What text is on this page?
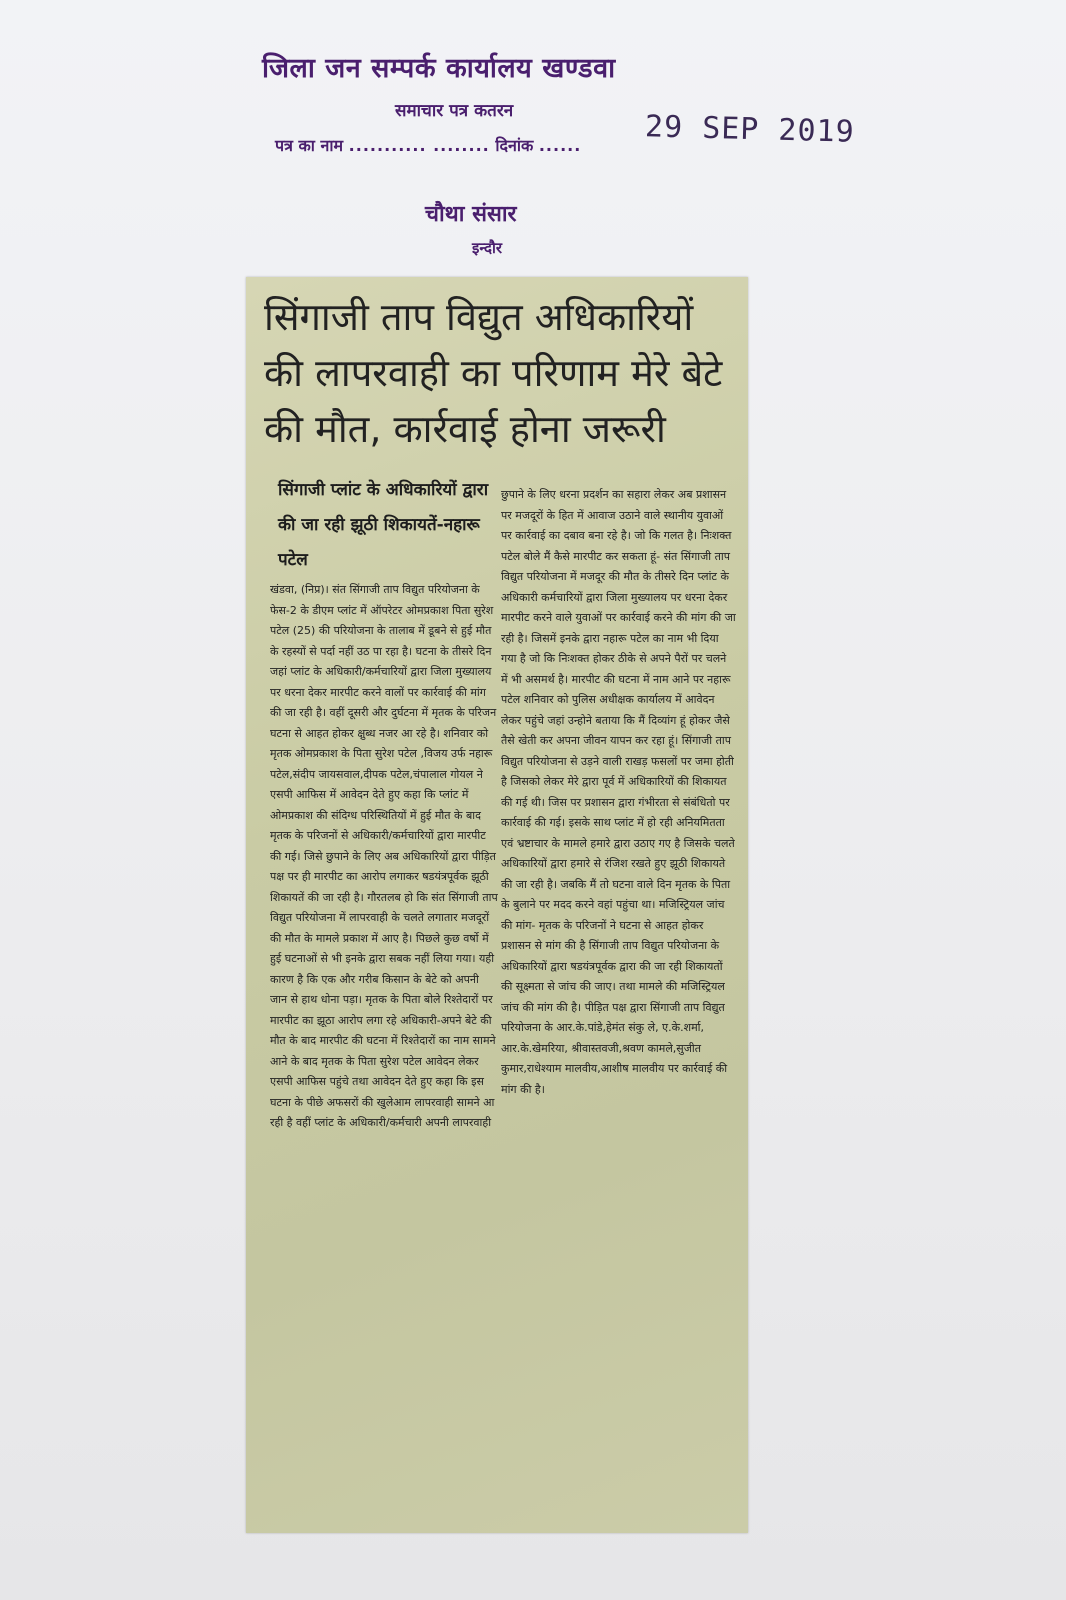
जिला जन सम्पर्क कार्यालय खण्डवा
समाचार पत्र कतरन
पत्र का नाम ........... ........ दिनांक ......	29 SEP 2019
चौथा संसार
इन्दौर
सिंगाजी ताप विद्युत अधिकारियों की लापरवाही का परिणाम मेरे बेटे की मौत, कार्रवाई होना जरूरी
सिंगाजी प्लांट के अधिकारियों द्वारा की जा रही झूठी शिकायतें-नहारू पटेल

खंडवा, (निप्र)। संत सिंगाजी ताप विद्युत परियोजना के फेस-2 के डीएम प्लांट में ऑपरेटर ओमप्रकाश पिता सुरेश पटेल (25) की परियोजना के तालाब में डूबने से हुई मौत के रहस्यों से पर्दा नहीं उठ पा रहा है। घटना के तीसरे दिन जहां प्लांट के अधिकारी/कर्मचारियों द्वारा जिला मुख्यालय पर धरना देकर मारपीट करने वालों पर कार्रवाई की मांग की जा रही है। वहीं दूसरी और दुर्घटना में मृतक के परिजन घटना से आहत होकर क्षुब्ध नजर आ रहे है। शनिवार को मृतक ओमप्रकाश के पिता सुरेश पटेल ,विजय उर्फ नहारू पटेल,संदीप जायसवाल,दीपक पटेल,चंपालाल गोयल ने एसपी आफिस में आवेदन देते हुए कहा कि प्लांट में ओमप्रकाश की संदिग्ध परिस्थितियों में हुई मौत के बाद मृतक के परिजनों से अधिकारी/कर्मचारियों द्वारा मारपीट की गई। जिसे छुपाने के लिए अब अधिकारियों द्वारा पीड़ित पक्ष पर ही मारपीट का आरोप लगाकर षडयंत्रपूर्वक झूठी शिकायतें की जा रही है। गौरतलब हो कि संत सिंगाजी ताप विद्युत परियोजना में लापरवाही के चलते लगातार मजदूरों की मौत के मामले प्रकाश में आए है। पिछले कुछ वर्षो में हुई घटनाओं से भी इनके द्वारा सबक नहीं लिया गया। यही कारण है कि एक और गरीब किसान के बेटे को अपनी जान से हाथ धोना पड़ा। मृतक के पिता बोले रिश्तेदारों पर मारपीट का झूठा आरोप लगा रहे अधिकारी-अपने बेटे की मौत के बाद मारपीट की घटना में रिश्तेदारों का नाम सामने आने के बाद मृतक के पिता सुरेश पटेल आवेदन लेकर एसपी आफिस पहुंचे तथा आवेदन देते हुए कहा कि इस घटना के पीछे अफसरों की खुलेआम लापरवाही सामने आ रही है वहीं प्लांट के अधिकारी/कर्मचारी अपनी लापरवाही

छुपाने के लिए धरना प्रदर्शन का सहारा लेकर अब प्रशासन पर मजदूरों के हित में आवाज उठाने वाले स्थानीय युवाओं पर कार्रवाई का दबाव बना रहे है। जो कि गलत है। निःशक्त पटेल बोले मैं कैसे मारपीट कर सकता हूं- संत सिंगाजी ताप विद्युत परियोजना में मजदूर की मौत के तीसरे दिन प्लांट के अधिकारी कर्मचारियों द्वारा जिला मुख्यालय पर धरना देकर मारपीट करने वाले युवाओं पर कार्रवाई करने की मांग की जा रही है। जिसमें इनके द्वारा नहारू पटेल का नाम भी दिया गया है जो कि निःशक्त होकर ठीके से अपने पैरों पर चलने में भी असमर्थ है। मारपीट की घटना में नाम आने पर नहारू पटेल शनिवार को पुलिस अधीक्षक कार्यालय में आवेदन लेकर पहुंचे जहां उन्होने बताया कि मैं दिव्यांग हूं होकर जैसे तैसे खेती कर अपना जीवन यापन कर रहा हूं। सिंगाजी ताप विद्युत परियोजना से उड़ने वाली राखड़ फसलों पर जमा होती है जिसको लेकर मेरे द्वारा पूर्व में अधिकारियों की शिकायत की गई थी। जिस पर प्रशासन द्वारा गंभीरता से संबंधितो पर कार्रवाई की गई। इसके साथ प्लांट में हो रही अनियमितता एवं भ्रष्टाचार के मामले हमारे द्वारा उठाए गए है जिसके चलते अधिकारियों द्वारा हमारे से रंजिश रखते हुए झूठी शिकायते की जा रही है। जबकि मैं तो घटना वाले दिन मृतक के पिता के बुलाने पर मदद करने वहां पहुंचा था। मजिस्ट्रियल जांच की मांग- मृतक के परिजनों ने घटना से आहत होकर प्रशासन से मांग की है सिंगाजी ताप विद्युत परियोजना के अधिकारियों द्वारा षडयंत्रपूर्वक द्वारा की जा रही शिकायतों की सूक्ष्मता से जांच की जाए। तथा मामले की मजिस्ट्रियल जांच की मांग की है। पीड़ित पक्ष द्वारा सिंगाजी ताप विद्युत परियोजना के आर.के.पांडे,हेमंत संकु ले, ए.के.शर्मा, आर.के.खेमरिया, श्रीवास्तवजी,श्रवण कामले,सुजीत कुमार,राधेश्याम मालवीय,आशीष मालवीय पर कार्रवाई की मांग की है।
